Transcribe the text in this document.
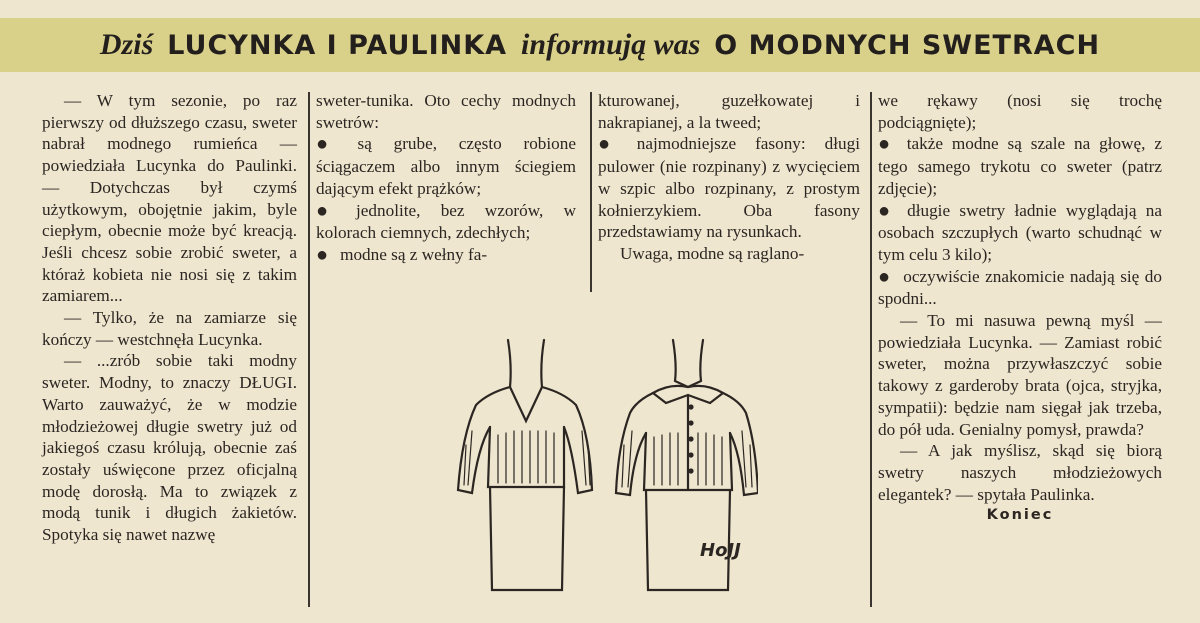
Dziś LUCYNKA I PAULINKA informują was O MODNYCH SWETRACH

— W tym sezonie, po raz pierwszy od dłuższego czasu, sweter nabrał modnego rumieńca — powiedziała Lucynka do Paulinki. — Dotychczas był czymś użytkowym, obojętnie jakim, byle ciepłym, obecnie może być kreacją. Jeśli chcesz sobie zrobić sweter, a któraż kobieta nie nosi się z takim zamiarem...

— Tylko, że na zamiarze się kończy — westchnęła Lucynka.

— ...zrób sobie taki modny sweter. Modny, to znaczy DŁUGI. Warto zauważyć, że w modzie młodzieżowej długie swetry już od jakiegoś czasu królują, obecnie zaś zostały uświęcone przez oficjalną modę dorosłą. Ma to związek z modą tunik i długich żakietów. Spotyka się nawet nazwę

sweter-tunika. Oto cechy modnych swetrów:

● są grube, często robione ściągaczem albo innym ściegiem dającym efekt prążków;

● jednolite, bez wzorów, w kolorach ciemnych, zdechłych;

● modne są z wełny fa-

kturowanej, guzełkowatej i nakrapianej, a la tweed;

● najmodniejsze fasony: długi pulower (nie rozpinany) z wycięciem w szpic albo rozpinany, z prostym kołnierzykiem. Oba fasony przedstawiamy na rysunkach.

Uwaga, modne są raglano-

we rękawy (nosi się trochę podciągnięte);

● także modne są szale na głowę, z tego samego trykotu co sweter (patrz zdjęcie);

● długie swetry ładnie wyglądają na osobach szczupłych (warto schudnąć w tym celu 3 kilo);

● oczywiście znakomicie nadają się do spodni...

— To mi nasuwa pewną myśl — powiedziała Lucynka. — Zamiast robić sweter, można przywłaszczyć sobie takowy z garderoby brata (ojca, stryjka, sympatii): będzie nam sięgał jak trzeba, do pół uda. Genialny pomysł, prawda?

— A jak myślisz, skąd się biorą swetry naszych młodzieżowych elegantek? — spytała Paulinka.

Koniec

HoJJ
